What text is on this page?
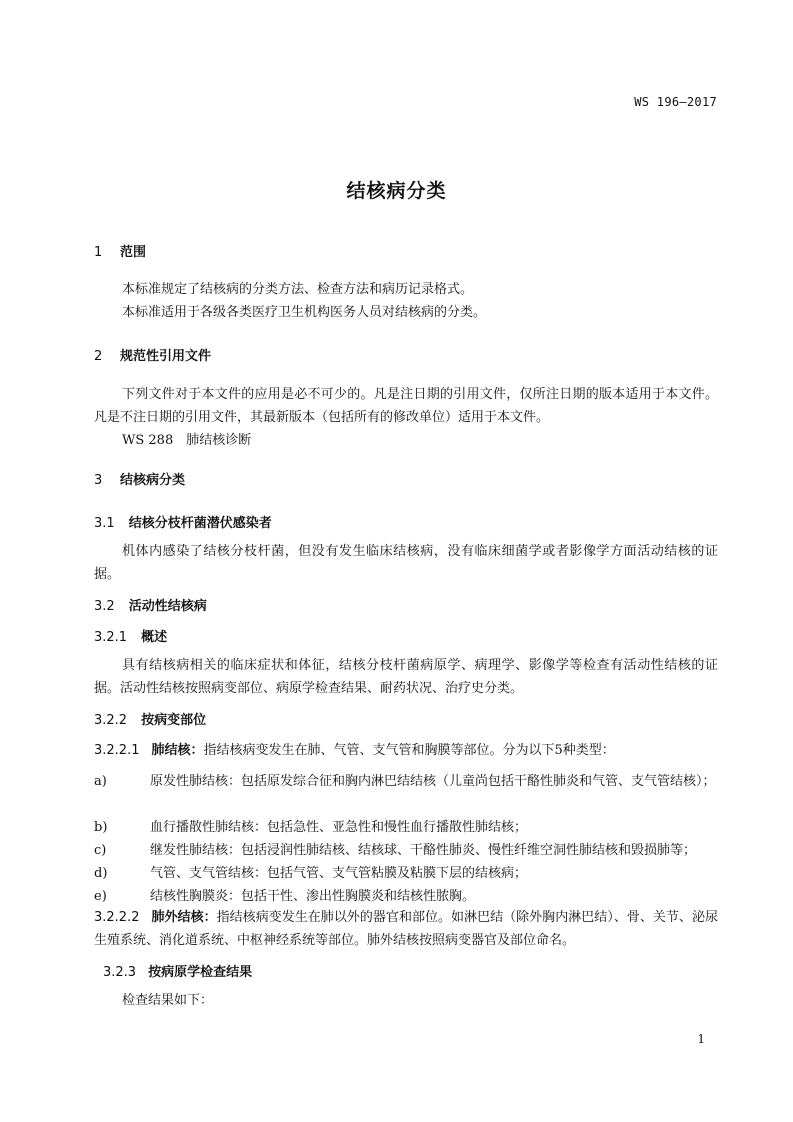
WS 196—2017
结核病分类
1 范围
本标准规定了结核病的分类方法、检查方法和病历记录格式。
本标准适用于各级各类医疗卫生机构医务人员对结核病的分类。
2 规范性引用文件
下列文件对于本文件的应用是必不可少的。凡是注日期的引用文件，仅所注日期的版本适用于本文件。凡是不注日期的引用文件，其最新版本（包括所有的修改单位）适用于本文件。
WS 288　肺结核诊断
3 结核病分类
3.1 结核分枝杆菌潜伏感染者
机体内感染了结核分枝杆菌，但没有发生临床结核病，没有临床细菌学或者影像学方面活动结核的证据。
3.2 活动性结核病
3.2.1 概述
具有结核病相关的临床症状和体征，结核分枝杆菌病原学、病理学、影像学等检查有活动性结核的证据。活动性结核按照病变部位、病原学检查结果、耐药状况、治疗史分类。
3.2.2 按病变部位
3.2.2.1 肺结核：指结核病变发生在肺、气管、支气管和胸膜等部位。分为以下5种类型：
a)	原发性肺结核：包括原发综合征和胸内淋巴结结核（儿童尚包括干酪性肺炎和气管、支气管结核）；
b)	血行播散性肺结核：包括急性、亚急性和慢性血行播散性肺结核；
c)	继发性肺结核：包括浸润性肺结核、结核球、干酪性肺炎、慢性纤维空洞性肺结核和毁损肺等；
d)	气管、支气管结核：包括气管、支气管粘膜及粘膜下层的结核病；
e)	结核性胸膜炎：包括干性、渗出性胸膜炎和结核性脓胸。
3.2.2.2 肺外结核：指结核病变发生在肺以外的器官和部位。如淋巴结（除外胸内淋巴结）、骨、关节、泌尿生殖系统、消化道系统、中枢神经系统等部位。肺外结核按照病变器官及部位命名。
3.2.3 按病原学检查结果
检查结果如下：
1
